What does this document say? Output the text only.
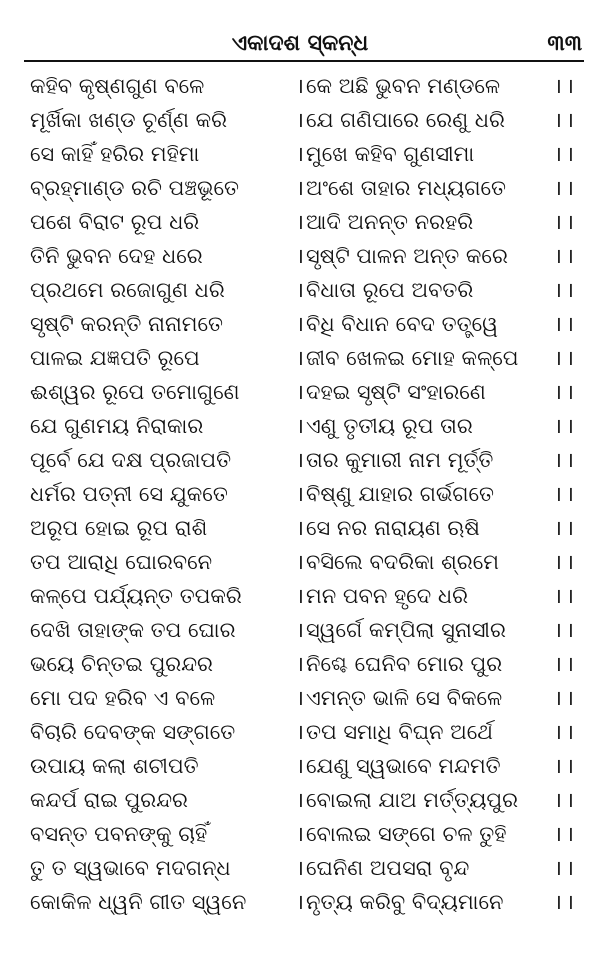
ଏକାଦଶ ସ୍କନ୍ଧ	୩୩
କହିବ କୃଷ୍ଣଗୁଣ ବଳେ	। କେ ଅଛି ଭୁବନ ମଣ୍ଡଳେ	।।
ମୂର୍ଖିକା ଖଣ୍ଡ ଚୂର୍ଣ୍ଣ କରି	। ଯେ ଗଣିପାରେ ରେଣୁ ଧରି	।।
ସେ କାହିଁ ହରିର ମହିମା	। ମୁଖେ କହିବ ଗୁଣସୀମା	।।
ବ୍ରହ୍ମାଣ୍ଡ ରଚି ପଞ୍ଚଭୂତେ	। ଅଂଶେ ତାହାର ମଧ୍ୟଗତେ	।।
ପଶେ ବିରାଟ ରୂପ ଧରି	। ଆଦି ଅନନ୍ତ ନରହରି	।।
ତିନି ଭୁବନ ଦେହ ଧରେ	। ସୃଷ୍ଟି ପାଳନ ଅନ୍ତ କରେ	।।
ପ୍ରଥମେ ରଜୋଗୁଣ ଧରି	। ବିଧାତା ରୂପେ ଅବତରି	।।
ସୃଷ୍ଟି କରନ୍ତି ନାନାମତେ	। ବିଧି ବିଧାନ ବେଦ ତତ୍ତ୍ୱେ	।।
ପାଳଇ ଯଜ୍ଞପତି ରୂପେ	। ଜୀବ ଖେଳଇ ମୋହ କଳ୍ପେ	।।
ଈଶ୍ୱର ରୂପେ ତମୋଗୁଣେ	। ଦହଇ ସୃଷ୍ଟି ସଂହାରଣେ	।।
ଯେ ଗୁଣମୟ ନିରାକାର	। ଏଣୁ ତୃତୀୟ ରୂପ ତାର	।।
ପୂର୍ବେ ଯେ ଦକ୍ଷ ପ୍ରଜାପତି	। ତାର କୁମାରୀ ନାମ ମୂର୍ତ୍ତି	।।
ଧର୍ମର ପତ୍ନୀ ସେ ଯୁକତେ	। ବିଷ୍ଣୁ ଯାହାର ଗର୍ଭଗତେ	।।
ଅରୂପ ହୋଇ ରୂପ ରାଶି	। ସେ ନର ନାରାୟଣ ଋଷି	।।
ତପ ଆରାଧି ଘୋରବନେ	। ବସିଲେ ବଦରିକା ଶ୍ରମେ	।।
କଳ୍ପେ ପର୍ଯ୍ୟନ୍ତ ତପକରି	। ମନ ପବନ ହୃଦେ ଧରି	।।
ଦେଖି ତାହାଙ୍କ ତପ ଘୋର	। ସ୍ୱର୍ଗେ କମ୍ପିଲା ସୁନାସୀର	।।
ଭୟେ ଚିନ୍ତଇ ପୁରନ୍ଦର	। ନିଶ୍ଚେ ଘେନିବ ମୋର ପୁର	।।
ମୋ ପଦ ହରିବ ଏ ବଳେ	। ଏମନ୍ତ ଭାଳି ସେ ବିକଳେ	।।
ବିଚାରି ଦେବଙ୍କ ସଙ୍ଗତେ	। ତପ ସମାଧି ବିଘ୍ନ ଅର୍ଥେ	।।
ଉପାୟ କଲା ଶଚୀପତି	। ଯେଣୁ ସ୍ୱଭାବେ ମନ୍ଦମତି	।।
କନ୍ଦର୍ପ ରାଇ ପୁରନ୍ଦର	। ବୋଇଲା ଯାଅ ମର୍ତ୍ତ୍ୟପୁର	।।
ବସନ୍ତ ପବନଙ୍କୁ ଚାହିଁ	। ବୋଲଇ ସଙ୍ଗେ ଚଳ ତୁହି	।।
ତୁ ତ ସ୍ୱଭାବେ ମଦଗନ୍ଧ	। ଘେନିଣ ଅପସରା ବୃନ୍ଦ	।।
କୋକିଳ ଧ୍ୱନି ଗୀତ ସ୍ୱନେ	। ନୃତ୍ୟ କରିବୁ ବିଦ୍ୟମାନେ	।।
